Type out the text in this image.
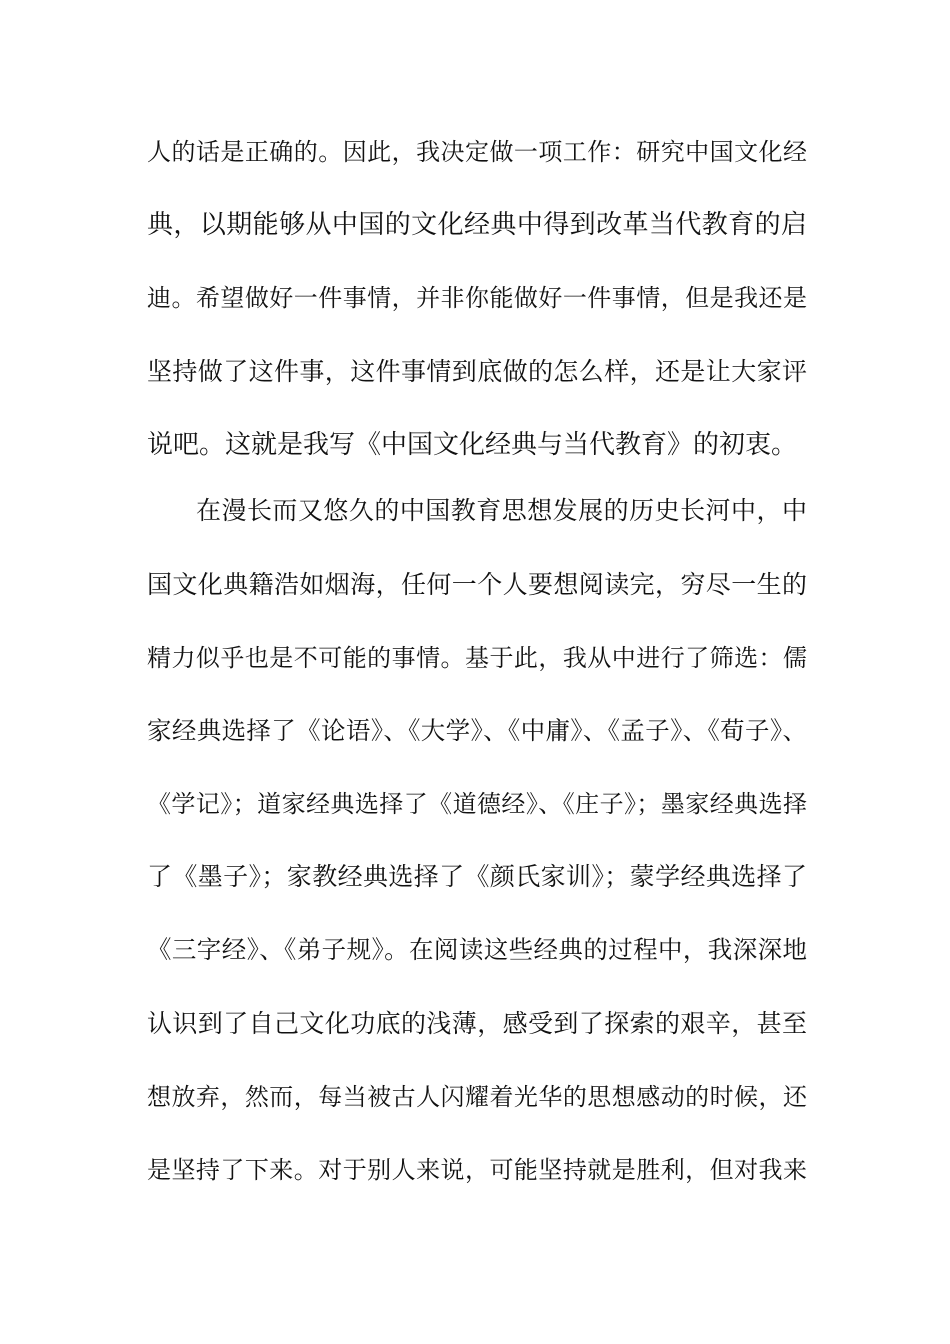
人的话是正确的。因此，我决定做一项工作：研究中国文化经
典，以期能够从中国的文化经典中得到改革当代教育的启
迪。希望做好一件事情，并非你能做好一件事情，但是我还是
坚持做了这件事，这件事情到底做的怎么样，还是让大家评
说吧。这就是我写《中国文化经典与当代教育》的初衷。
在漫长而又悠久的中国教育思想发展的历史长河中，中
国文化典籍浩如烟海，任何一个人要想阅读完，穷尽一生的
精力似乎也是不可能的事情。基于此，我从中进行了筛选：儒
家经典选择了《论语》、《大学》、《中庸》、《孟子》、《荀子》、
《学记》；道家经典选择了《道德经》、《庄子》；墨家经典选择
了《墨子》；家教经典选择了《颜氏家训》；蒙学经典选择了
《三字经》、《弟子规》。在阅读这些经典的过程中，我深深地
认识到了自己文化功底的浅薄，感受到了探索的艰辛，甚至
想放弃，然而，每当被古人闪耀着光华的思想感动的时候，还
是坚持了下来。对于别人来说，可能坚持就是胜利，但对我来
